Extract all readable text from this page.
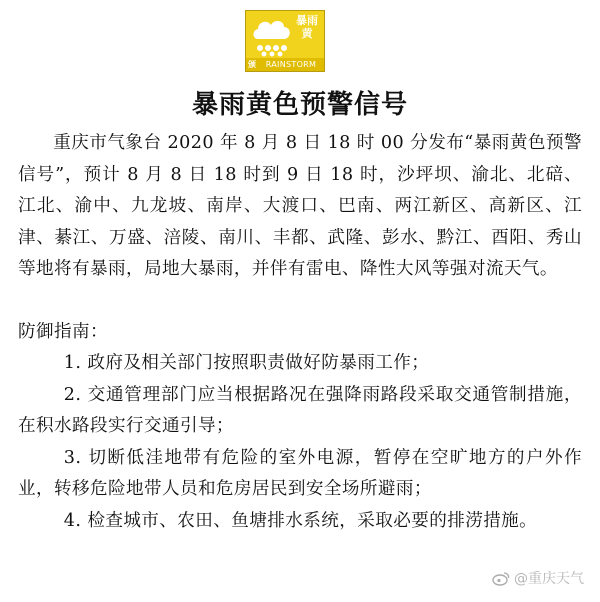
暴雨
黄
颁	RAINSTORM
暴雨黄色预警信号

重庆市气象台 2020 年 8 月 8 日 18 时 00 分发布“暴雨黄色预警信号”，预计 8 月 8 日 18 时到 9 日 18 时，沙坪坝、渝北、北碚、江北、渝中、九龙坡、南岸、大渡口、巴南、两江新区、高新区、江津、綦江、万盛、涪陵、南川、丰都、武隆、彭水、黔江、酉阳、秀山等地将有暴雨，局地大暴雨，并伴有雷电、降性大风等强对流天气。

防御指南：

1. 政府及相关部门按照职责做好防暴雨工作；

2. 交通管理部门应当根据路况在强降雨路段采取交通管制措施，在积水路段实行交通引导；

3. 切断低洼地带有危险的室外电源，暂停在空旷地方的户外作业，转移危险地带人员和危房居民到安全场所避雨；

4. 检查城市、农田、鱼塘排水系统，采取必要的排涝措施。

@重庆天气
